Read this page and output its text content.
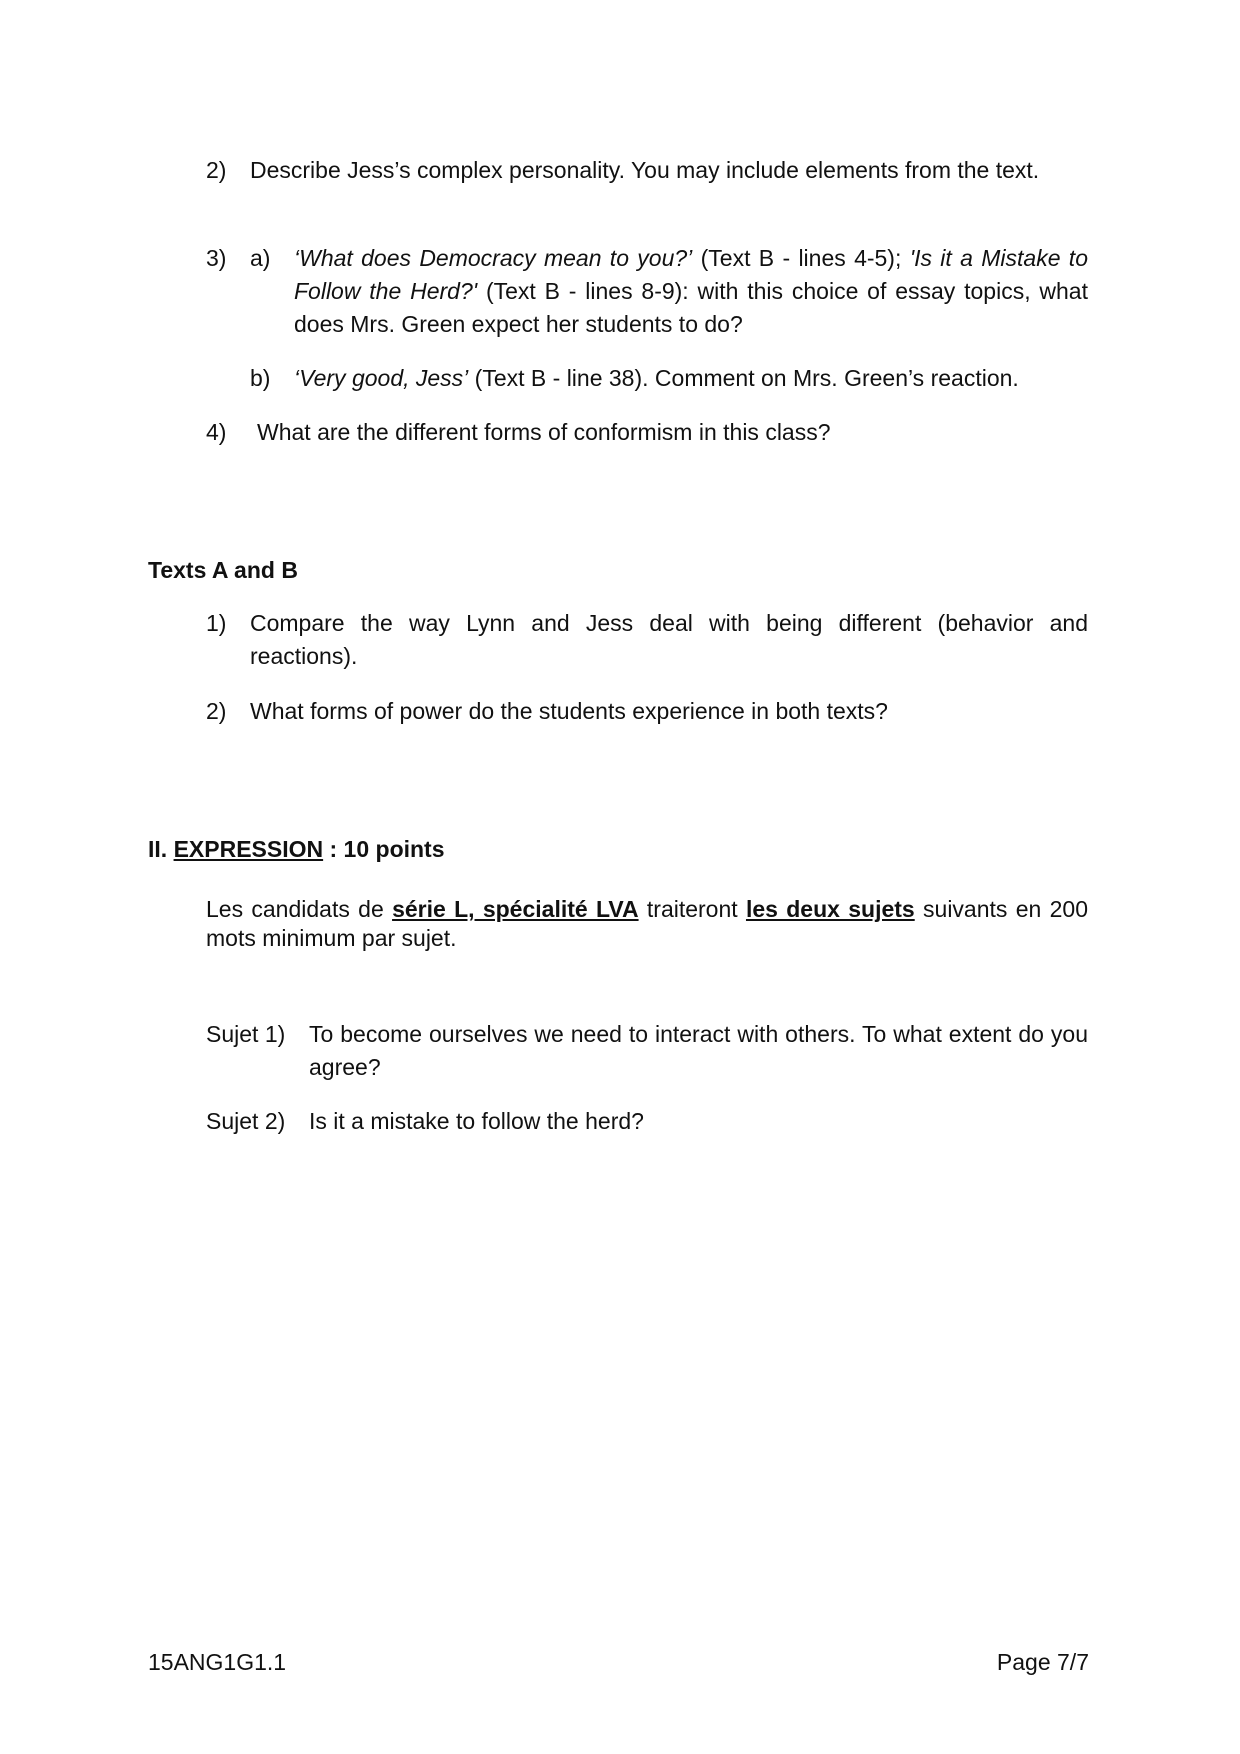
2) Describe Jess’s complex personality. You may include elements from the text.
3) a) ‘What does Democracy mean to you?’ (Text B - lines 4-5); 'Is it a Mistake to Follow the Herd?' (Text B - lines 8-9): with this choice of essay topics, what does Mrs. Green expect her students to do?
b) ‘Very good, Jess’ (Text B - line 38). Comment on Mrs. Green’s reaction.
4) What are the different forms of conformism in this class?
Texts A and B
1) Compare the way Lynn and Jess deal with being different (behavior and reactions).
2) What forms of power do the students experience in both texts?
II. EXPRESSION : 10 points
Les candidats de série L, spécialité LVA traiteront les deux sujets suivants en 200 mots minimum par sujet.
Sujet 1) To become ourselves we need to interact with others. To what extent do you agree?
Sujet 2) Is it a mistake to follow the herd?
15ANG1G1.1	Page 7/7
